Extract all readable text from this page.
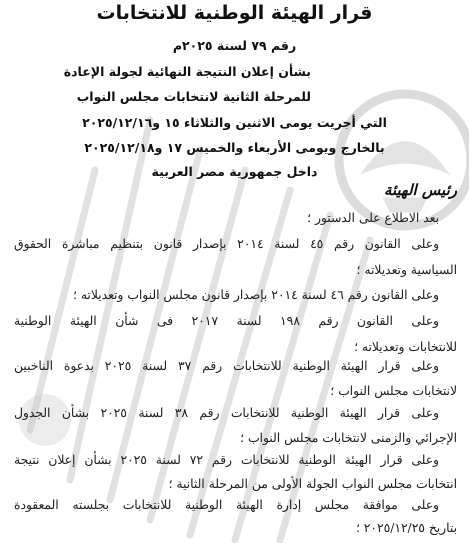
قرار الهيئة الوطنية للانتخابات
رقم ٧٩ لسنة ٢٠٢٥م
بشأن إعلان النتيجة النهائية لجولة الإعادة
للمرحلة الثانية لانتخابات مجلس النواب
التي أجريت يومى الاثنين والثلاثاء ١٥ و٢٠٢٥/١٢/١٦
بالخارج ويومى الأربعاء والخميس ١٧ و٢٠٢٥/١٢/١٨
داخل جمهورية مصر العربية
رئيس الهيئة
بعد الاطلاع على الدستور ؛
وعلى القانون رقم ٤٥ لسنة ٢٠١٤ بإصدار قانون بتنظيم مباشرة الحقوق
السياسية وتعديلاته ؛
وعلى القانون رقم ٤٦ لسنة ٢٠١٤ بإصدار قانون مجلس النواب وتعديلاته ؛
وعلى القانون رقم ١٩٨ لسنة ٢٠١٧ فى شأن الهيئة الوطنية
للانتخابات وتعديلاته ؛
وعلى قرار الهيئة الوطنية للانتخابات رقم ٣٧ لسنة ٢٠٢٥ بدعوة الناخبين
لانتخابات مجلس النواب ؛
وعلى قرار الهيئة الوطنية للانتخابات رقم ٣٨ لسنة ٢٠٢٥ بشأن الجدول
الإجرائي والزمنى لانتخابات مجلس النواب ؛
وعلى قرار الهيئة الوطنية للانتخابات رقم ٧٢ لسنة ٢٠٢٥ بشأن إعلان نتيجة
انتخابات مجلس النواب الجولة الأولى من المرحلة الثانية ؛
وعلى موافقة مجلس إدارة الهيئة الوطنية للانتخابات بجلسته المعقودة
بتاريخ ٢٠٢٥/١٢/٢٥ ؛
